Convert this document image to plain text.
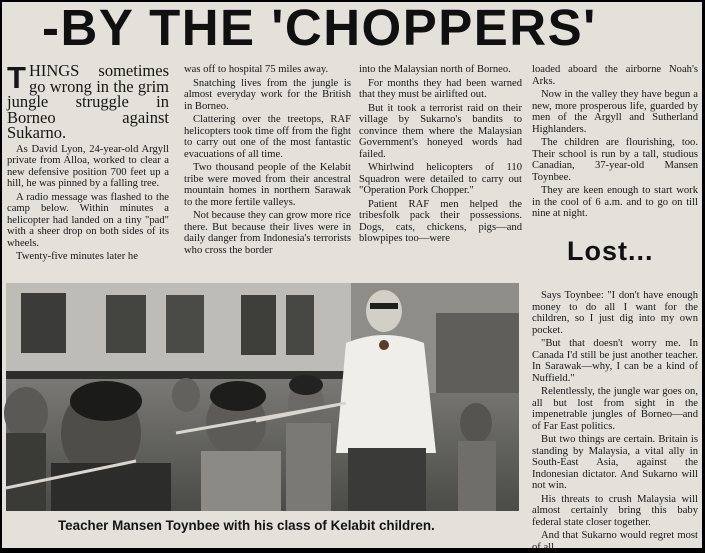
-BY THE 'CHOPPERS'

THINGS sometimes go wrong in the grim jungle struggle in Borneo against Sukarno.

As David Lyon, 24-year-old Argyll private from Alloa, worked to clear a new defensive position 700 feet up a hill, he was pinned by a falling tree.

A radio message was flashed to the camp below. Within minutes a helicopter had landed on a tiny "pad" with a sheer drop on both sides of its wheels.

Twenty-five minutes later he

was off to hospital 75 miles away.

Snatching lives from the jungle is almost everyday work for the British in Borneo.

Clattering over the treetops, RAF helicopters took time off from the fight to carry out one of the most fantastic evacuations of all time.

Two thousand people of the Kelabit tribe were moved from their ancestral mountain homes in northern Sarawak to the more fertile valleys.

Not because they can grow more rice there. But because their lives were in daily danger from Indonesia's terrorists who cross the border

into the Malaysian north of Borneo.

For months they had been warned that they must be airlifted out.

But it took a terrorist raid on their village by Sukarno's bandits to convince them where the Malaysian Government's honeyed words had failed.

Whirlwind helicopters of 110 Squadron were detailed to carry out "Operation Pork Chopper."

Patient RAF men helped the tribesfolk pack their possessions. Dogs, cats, chickens, pigs—and blowpipes too—were

loaded aboard the airborne Noah's Arks.

Now in the valley they have begun a new, more prosperous life, guarded by men of the Argyll and Sutherland Highlanders.

The children are flourishing, too. Their school is run by a tall, studious Canadian, 37-year-old Mansen Toynbee.

They are keen enough to start work in the cool of 6 a.m. and to go on till nine at night.

Lost...

Says Toynbee: "I don't have enough money to do all I want for the children, so I just dig into my own pocket.

"But that doesn't worry me. In Canada I'd still be just another teacher. In Sarawak—why, I can be a kind of Nuffield."

Relentlessly, the jungle war goes on, all but lost from sight in the impenetrable jungles of Borneo—and of Far East politics.

But two things are certain. Britain is standing by Malaysia, a vital ally in South-East Asia, against the Indonesian dictator. And Sukarno will not win.

His threats to crush Malaysia will almost certainly bring this baby federal state closer together.

And that Sukarno would regret most of all.

Teacher Mansen Toynbee with his class of Kelabit children.
